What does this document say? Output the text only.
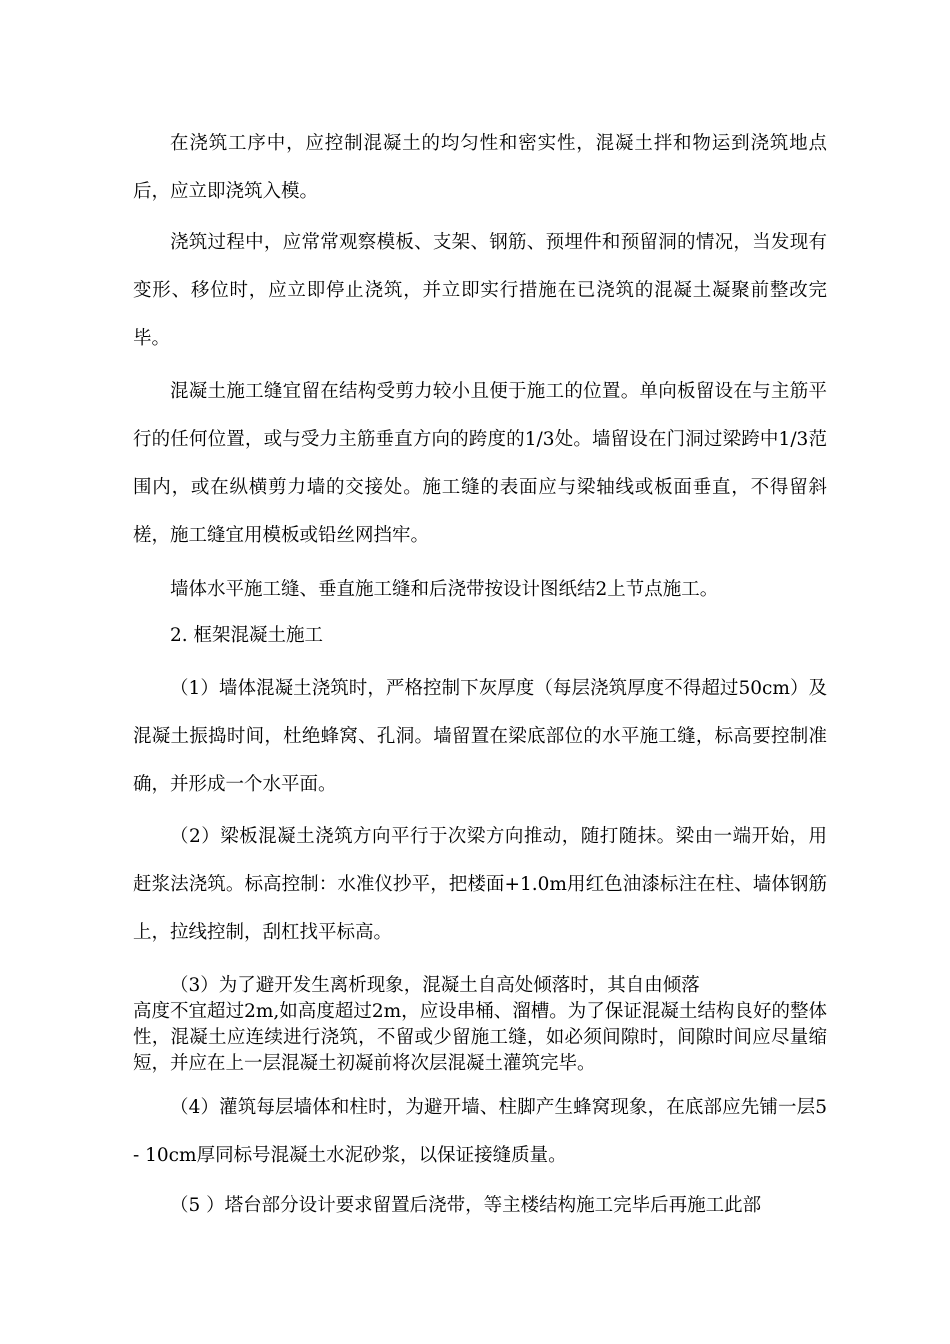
在浇筑工序中，应控制混凝土的均匀性和密实性，混凝土拌和物运到浇筑地点后，应立即浇筑入模。

浇筑过程中，应常常观察模板、支架、钢筋、预埋件和预留洞的情况，当发现有变形、移位时，应立即停止浇筑，并立即实行措施在已浇筑的混凝土凝聚前整改完毕。

混凝土施工缝宜留在结构受剪力较小且便于施工的位置。单向板留设在与主筋平行的任何位置，或与受力主筋垂直方向的跨度的1/3处。墙留设在门洞过梁跨中1/3范围内，或在纵横剪力墙的交接处。施工缝的表面应与梁轴线或板面垂直，不得留斜槎，施工缝宜用模板或铅丝网挡牢。

墙体水平施工缝、垂直施工缝和后浇带按设计图纸结2上节点施工。

2. 框架混凝土施工

（1）墙体混凝土浇筑时，严格控制下灰厚度（每层浇筑厚度不得超过50cm）及混凝土振捣时间，杜绝蜂窝、孔洞。墙留置在梁底部位的水平施工缝，标高要控制准确，并形成一个水平面。

（2）梁板混凝土浇筑方向平行于次梁方向推动，随打随抹。梁由一端开始，用赶浆法浇筑。标高控制：水准仪抄平，把楼面+1.0m用红色油漆标注在柱、墙体钢筋上，拉线控制，刮杠找平标高。

（3）为了避开发生离析现象，混凝土自高处倾落时，其自由倾落

高度不宜超过2m,如高度超过2m，应设串桶、溜槽。为了保证混凝土结构良好的整体性，混凝土应连续进行浇筑，不留或少留施工缝，如必须间隙时，间隙时间应尽量缩短，并应在上一层混凝土初凝前将次层混凝土灌筑完毕。

（4）灌筑每层墙体和柱时，为避开墙、柱脚产生蜂窝现象，在底部应先铺一层5 - 10cm厚同标号混凝土水泥砂浆，以保证接缝质量。

（5 ）塔台部分设计要求留置后浇带，等主楼结构施工完毕后再施工此部
